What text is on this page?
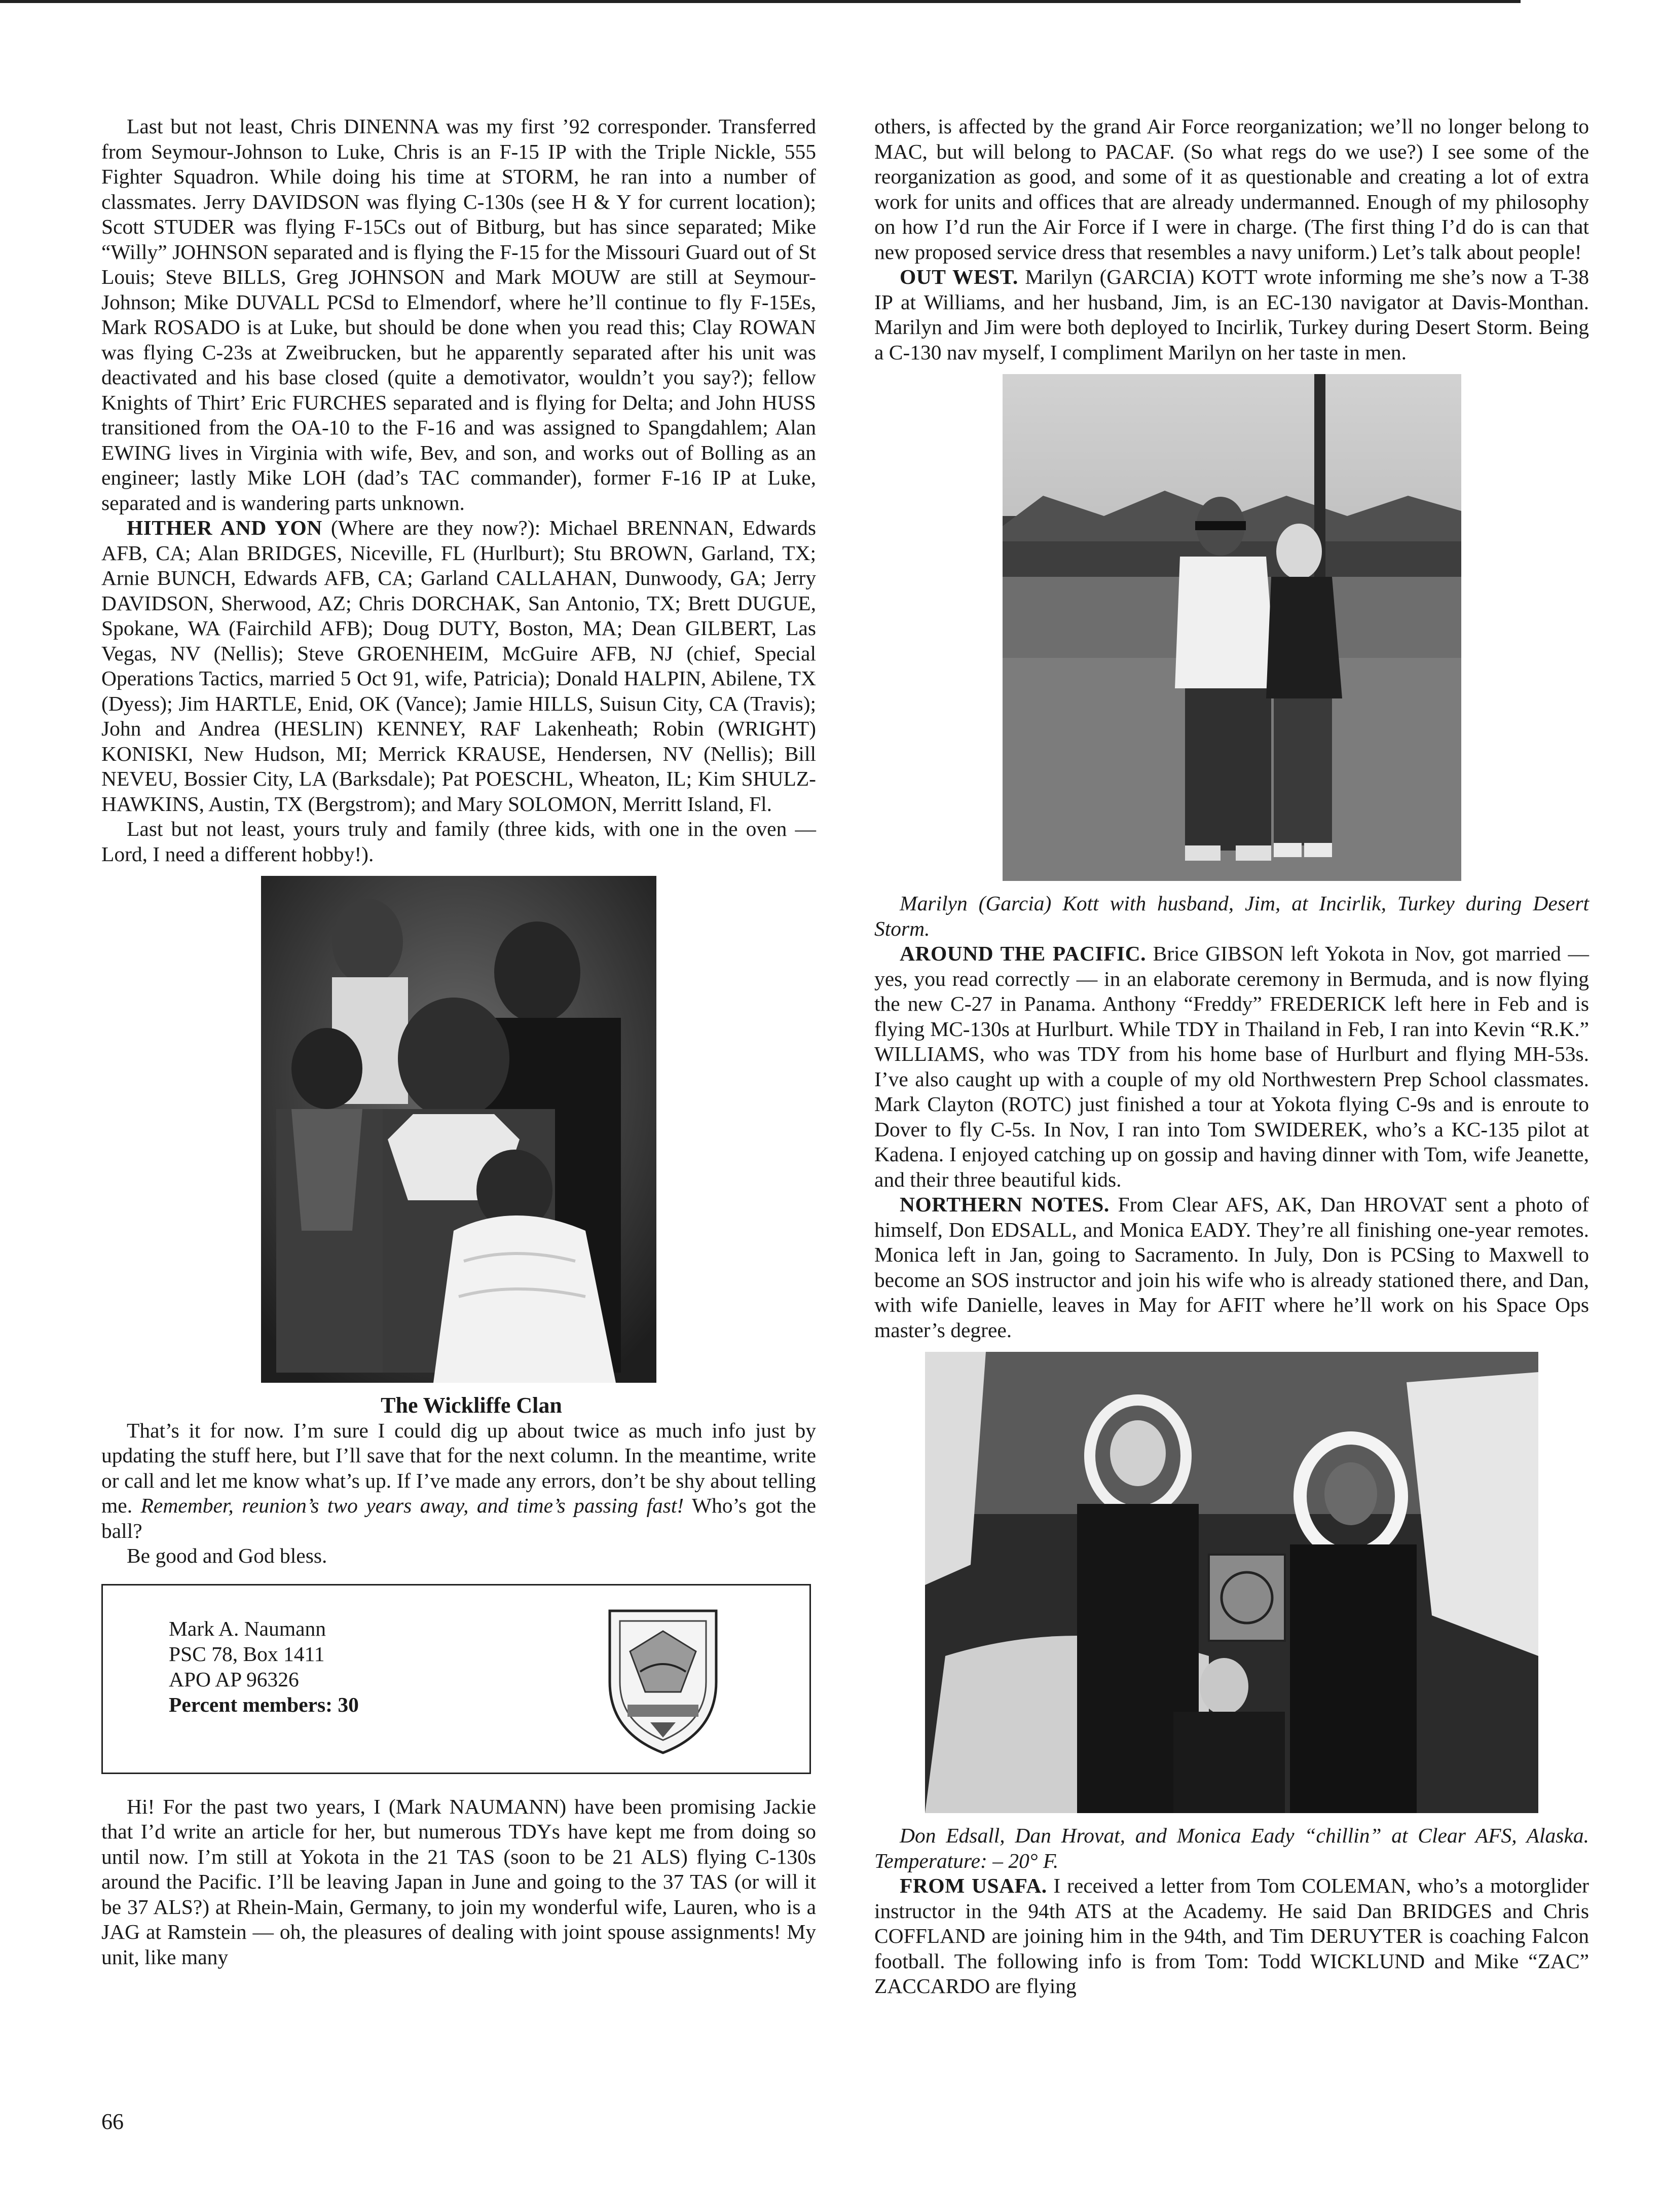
Last but not least, Chris DINENNA was my first ’92 corresponder. Transferred from Seymour-Johnson to Luke, Chris is an F-15 IP with the Triple Nickle, 555 Fighter Squadron. While doing his time at STORM, he ran into a number of classmates. Jerry DAVIDSON was flying C-130s (see H & Y for current location); Scott STUDER was flying F-15Cs out of Bitburg, but has since separated; Mike “Willy” JOHNSON separated and is flying the F-15 for the Missouri Guard out of St Louis; Steve BILLS, Greg JOHNSON and Mark MOUW are still at Seymour-Johnson; Mike DUVALL PCSd to Elmendorf, where he’ll continue to fly F-15Es, Mark ROSADO is at Luke, but should be done when you read this; Clay ROWAN was flying C-23s at Zweibrucken, but he apparently separated after his unit was deactivated and his base closed (quite a demotivator, wouldn’t you say?); fellow Knights of Thirt’ Eric FURCHES separated and is flying for Delta; and John HUSS transitioned from the OA-10 to the F-16 and was assigned to Spangdahlem; Alan EWING lives in Virginia with wife, Bev, and son, and works out of Bolling as an engineer; lastly Mike LOH (dad’s TAC commander), former F-16 IP at Luke, separated and is wandering parts unknown.

HITHER AND YON (Where are they now?): Michael BRENNAN, Edwards AFB, CA; Alan BRIDGES, Niceville, FL (Hurlburt); Stu BROWN, Garland, TX; Arnie BUNCH, Edwards AFB, CA; Garland CALLAHAN, Dunwoody, GA; Jerry DAVIDSON, Sherwood, AZ; Chris DORCHAK, San Antonio, TX; Brett DUGUE, Spokane, WA (Fairchild AFB); Doug DUTY, Boston, MA; Dean GILBERT, Las Vegas, NV (Nellis); Steve GROENHEIM, McGuire AFB, NJ (chief, Special Operations Tactics, married 5 Oct 91, wife, Patricia); Donald HALPIN, Abilene, TX (Dyess); Jim HARTLE, Enid, OK (Vance); Jamie HILLS, Suisun City, CA (Travis); John and Andrea (HESLIN) KENNEY, RAF Lakenheath; Robin (WRIGHT) KONISKI, New Hudson, MI; Merrick KRAUSE, Hendersen, NV (Nellis); Bill NEVEU, Bossier City, LA (Barksdale); Pat POESCHL, Wheaton, IL; Kim SHULZ-HAWKINS, Austin, TX (Bergstrom); and Mary SOLOMON, Merritt Island, Fl.

Last but not least, yours truly and family (three kids, with one in the oven — Lord, I need a different hobby!).

The Wickliffe Clan

That’s it for now. I’m sure I could dig up about twice as much info just by updating the stuff here, but I’ll save that for the next column. In the meantime, write or call and let me know what’s up. If I’ve made any errors, don’t be shy about telling me. Remember, reunion’s two years away, and time’s passing fast! Who’s got the ball?

Be good and God bless.

Mark A. Naumann
PSC 78, Box 1411
APO AP 96326
Percent members: 30

Hi! For the past two years, I (Mark NAUMANN) have been promising Jackie that I’d write an article for her, but numerous TDYs have kept me from doing so until now. I’m still at Yokota in the 21 TAS (soon to be 21 ALS) flying C-130s around the Pacific. I’ll be leaving Japan in June and going to the 37 TAS (or will it be 37 ALS?) at Rhein-Main, Germany, to join my wonderful wife, Lauren, who is a JAG at Ramstein — oh, the pleasures of dealing with joint spouse assignments! My unit, like many

others, is affected by the grand Air Force reorganization; we’ll no longer belong to MAC, but will belong to PACAF. (So what regs do we use?) I see some of the reorganization as good, and some of it as questionable and creating a lot of extra work for units and offices that are already undermanned. Enough of my philosophy on how I’d run the Air Force if I were in charge. (The first thing I’d do is can that new proposed service dress that resembles a navy uniform.) Let’s talk about people!

OUT WEST. Marilyn (GARCIA) KOTT wrote informing me she’s now a T-38 IP at Williams, and her husband, Jim, is an EC-130 navigator at Davis-Monthan. Marilyn and Jim were both deployed to Incirlik, Turkey during Desert Storm. Being a C-130 nav myself, I compliment Marilyn on her taste in men.

Marilyn (Garcia) Kott with husband, Jim, at Incirlik, Turkey during Desert Storm.

AROUND THE PACIFIC. Brice GIBSON left Yokota in Nov, got married — yes, you read correctly — in an elaborate ceremony in Bermuda, and is now flying the new C-27 in Panama. Anthony “Freddy” FREDERICK left here in Feb and is flying MC-130s at Hurlburt. While TDY in Thailand in Feb, I ran into Kevin “R.K.” WILLIAMS, who was TDY from his home base of Hurlburt and flying MH-53s. I’ve also caught up with a couple of my old Northwestern Prep School classmates. Mark Clayton (ROTC) just finished a tour at Yokota flying C-9s and is enroute to Dover to fly C-5s. In Nov, I ran into Tom SWIDEREK, who’s a KC-135 pilot at Kadena. I enjoyed catching up on gossip and having dinner with Tom, wife Jeanette, and their three beautiful kids.

NORTHERN NOTES. From Clear AFS, AK, Dan HROVAT sent a photo of himself, Don EDSALL, and Monica EADY. They’re all finishing one-year remotes. Monica left in Jan, going to Sacramento. In July, Don is PCSing to Maxwell to become an SOS instructor and join his wife who is already stationed there, and Dan, with wife Danielle, leaves in May for AFIT where he’ll work on his Space Ops master’s degree.

Don Edsall, Dan Hrovat, and Monica Eady “chillin” at Clear AFS, Alaska. Temperature: – 20° F.

FROM USAFA. I received a letter from Tom COLEMAN, who’s a motorglider instructor in the 94th ATS at the Academy. He said Dan BRIDGES and Chris COFFLAND are joining him in the 94th, and Tim DERUYTER is coaching Falcon football. The following info is from Tom: Todd WICKLUND and Mike “ZAC” ZACCARDO are flying

66
